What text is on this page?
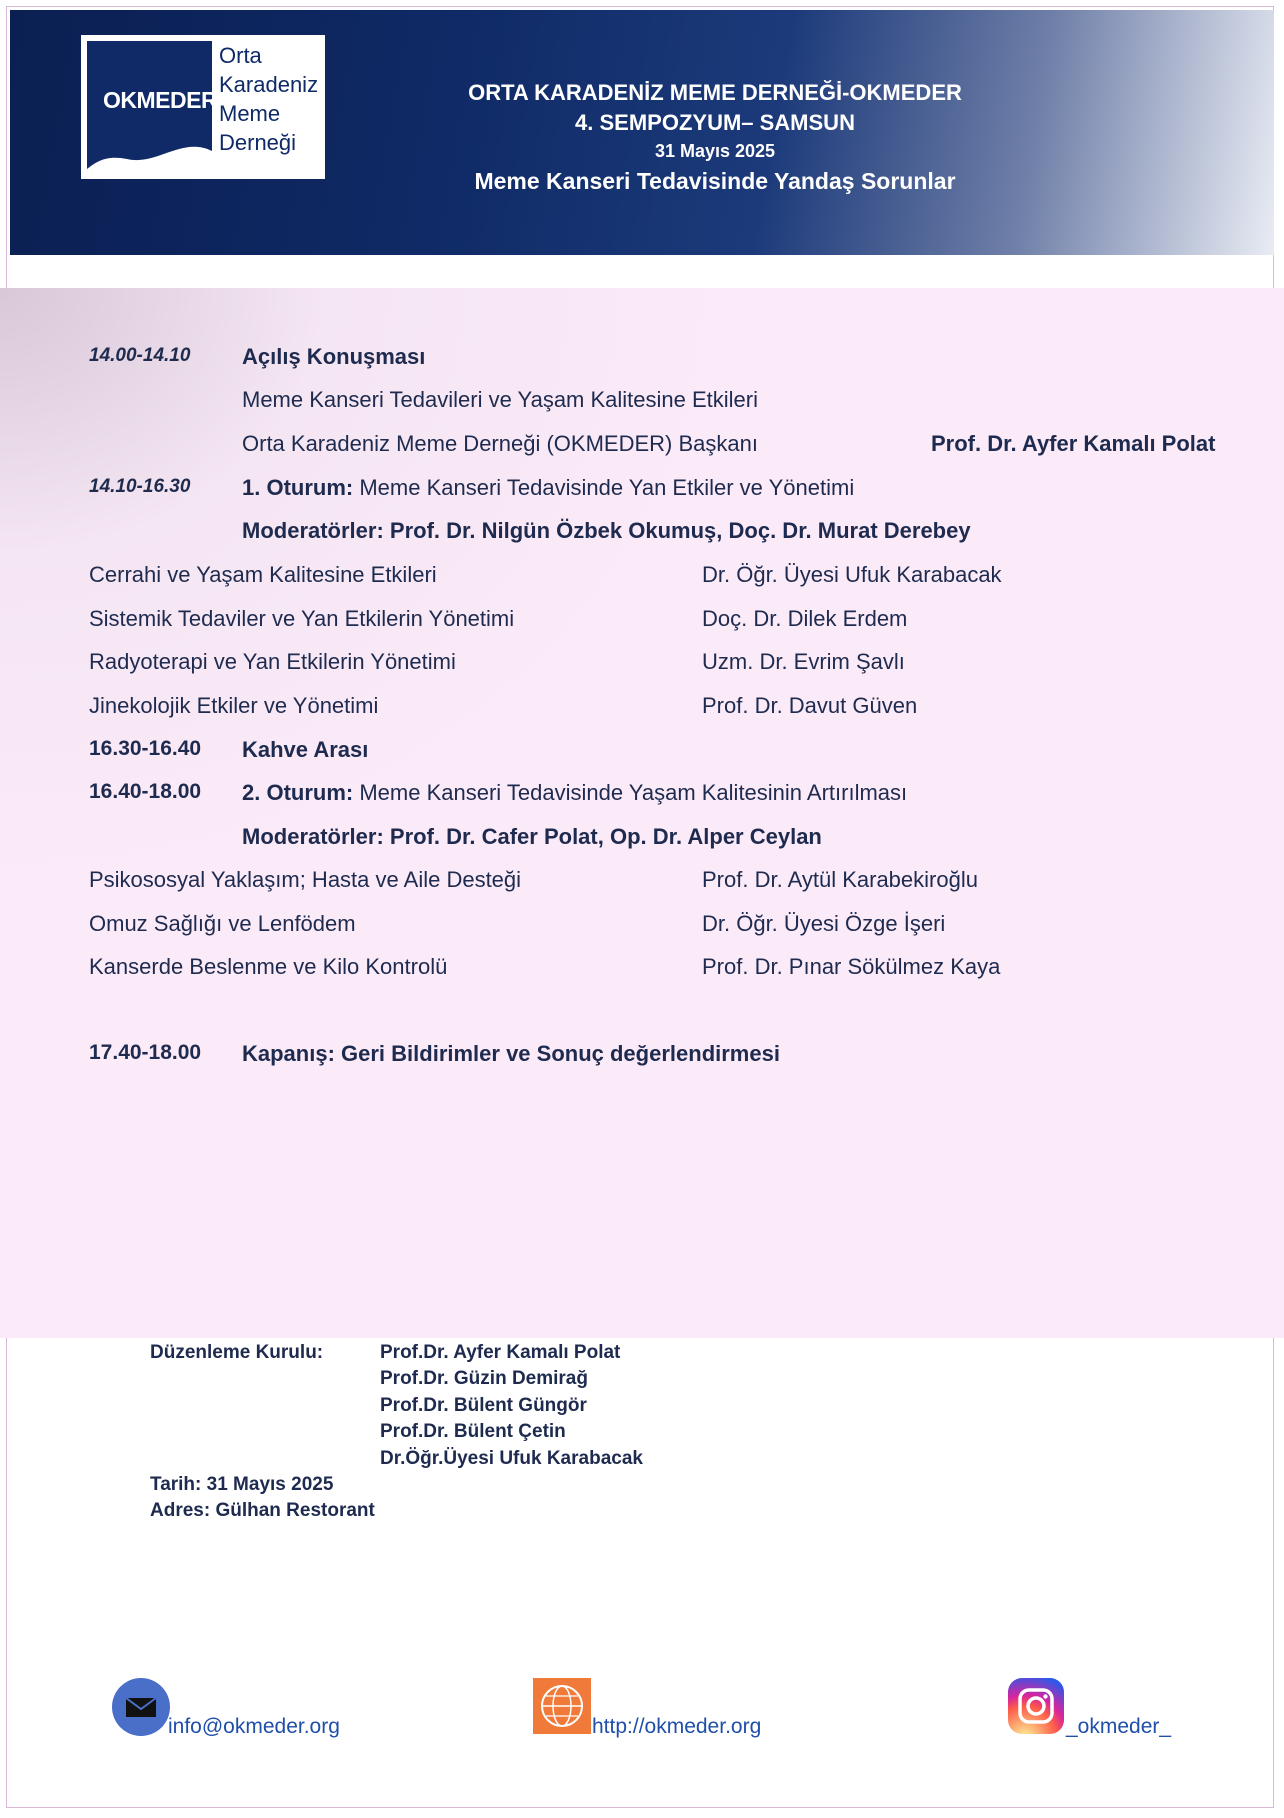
OKMEDER
Orta
Karadeniz
Meme
Derneği
ORTA KARADENİZ MEME DERNEĞİ-OKMEDER
4. SEMPOZYUM– SAMSUN
31 Mayıs 2025
Meme Kanseri Tedavisinde Yandaş Sorunlar
14.00-14.10 Açılış Konuşması
Meme Kanseri Tedavileri ve Yaşam Kalitesine Etkileri
Orta Karadeniz Meme Derneği (OKMEDER) Başkanı	Prof. Dr. Ayfer Kamalı Polat
14.10-16.30 1. Oturum: Meme Kanseri Tedavisinde Yan Etkiler ve Yönetimi
Moderatörler: Prof. Dr. Nilgün Özbek Okumuş, Doç. Dr. Murat Derebey
Cerrahi ve Yaşam Kalitesine Etkileri	Dr. Öğr. Üyesi Ufuk Karabacak
Sistemik Tedaviler ve Yan Etkilerin Yönetimi	Doç. Dr. Dilek Erdem
Radyoterapi ve Yan Etkilerin Yönetimi	Uzm. Dr. Evrim Şavlı
Jinekolojik Etkiler ve Yönetimi	Prof. Dr. Davut Güven
16.30-16.40 Kahve Arası
16.40-18.00 2. Oturum: Meme Kanseri Tedavisinde Yaşam Kalitesinin Artırılması
Moderatörler: Prof. Dr. Cafer Polat, Op. Dr. Alper Ceylan
Psikososyal Yaklaşım; Hasta ve Aile Desteği	Prof. Dr. Aytül Karabekiroğlu
Omuz Sağlığı ve Lenfödem	Dr. Öğr. Üyesi Özge İşeri
Kanserde Beslenme ve Kilo Kontrolü	Prof. Dr. Pınar Sökülmez Kaya
17.40-18.00 Kapanış: Geri Bildirimler ve Sonuç değerlendirmesi
Düzenleme Kurulu:	Prof.Dr. Ayfer Kamalı Polat
Prof.Dr. Güzin Demirağ
Prof.Dr. Bülent Güngör
Prof.Dr. Bülent Çetin
Dr.Öğr.Üyesi Ufuk Karabacak
Tarih: 31 Mayıs 2025
Adres: Gülhan Restorant
info@okmeder.org	http://okmeder.org	_okmeder_
